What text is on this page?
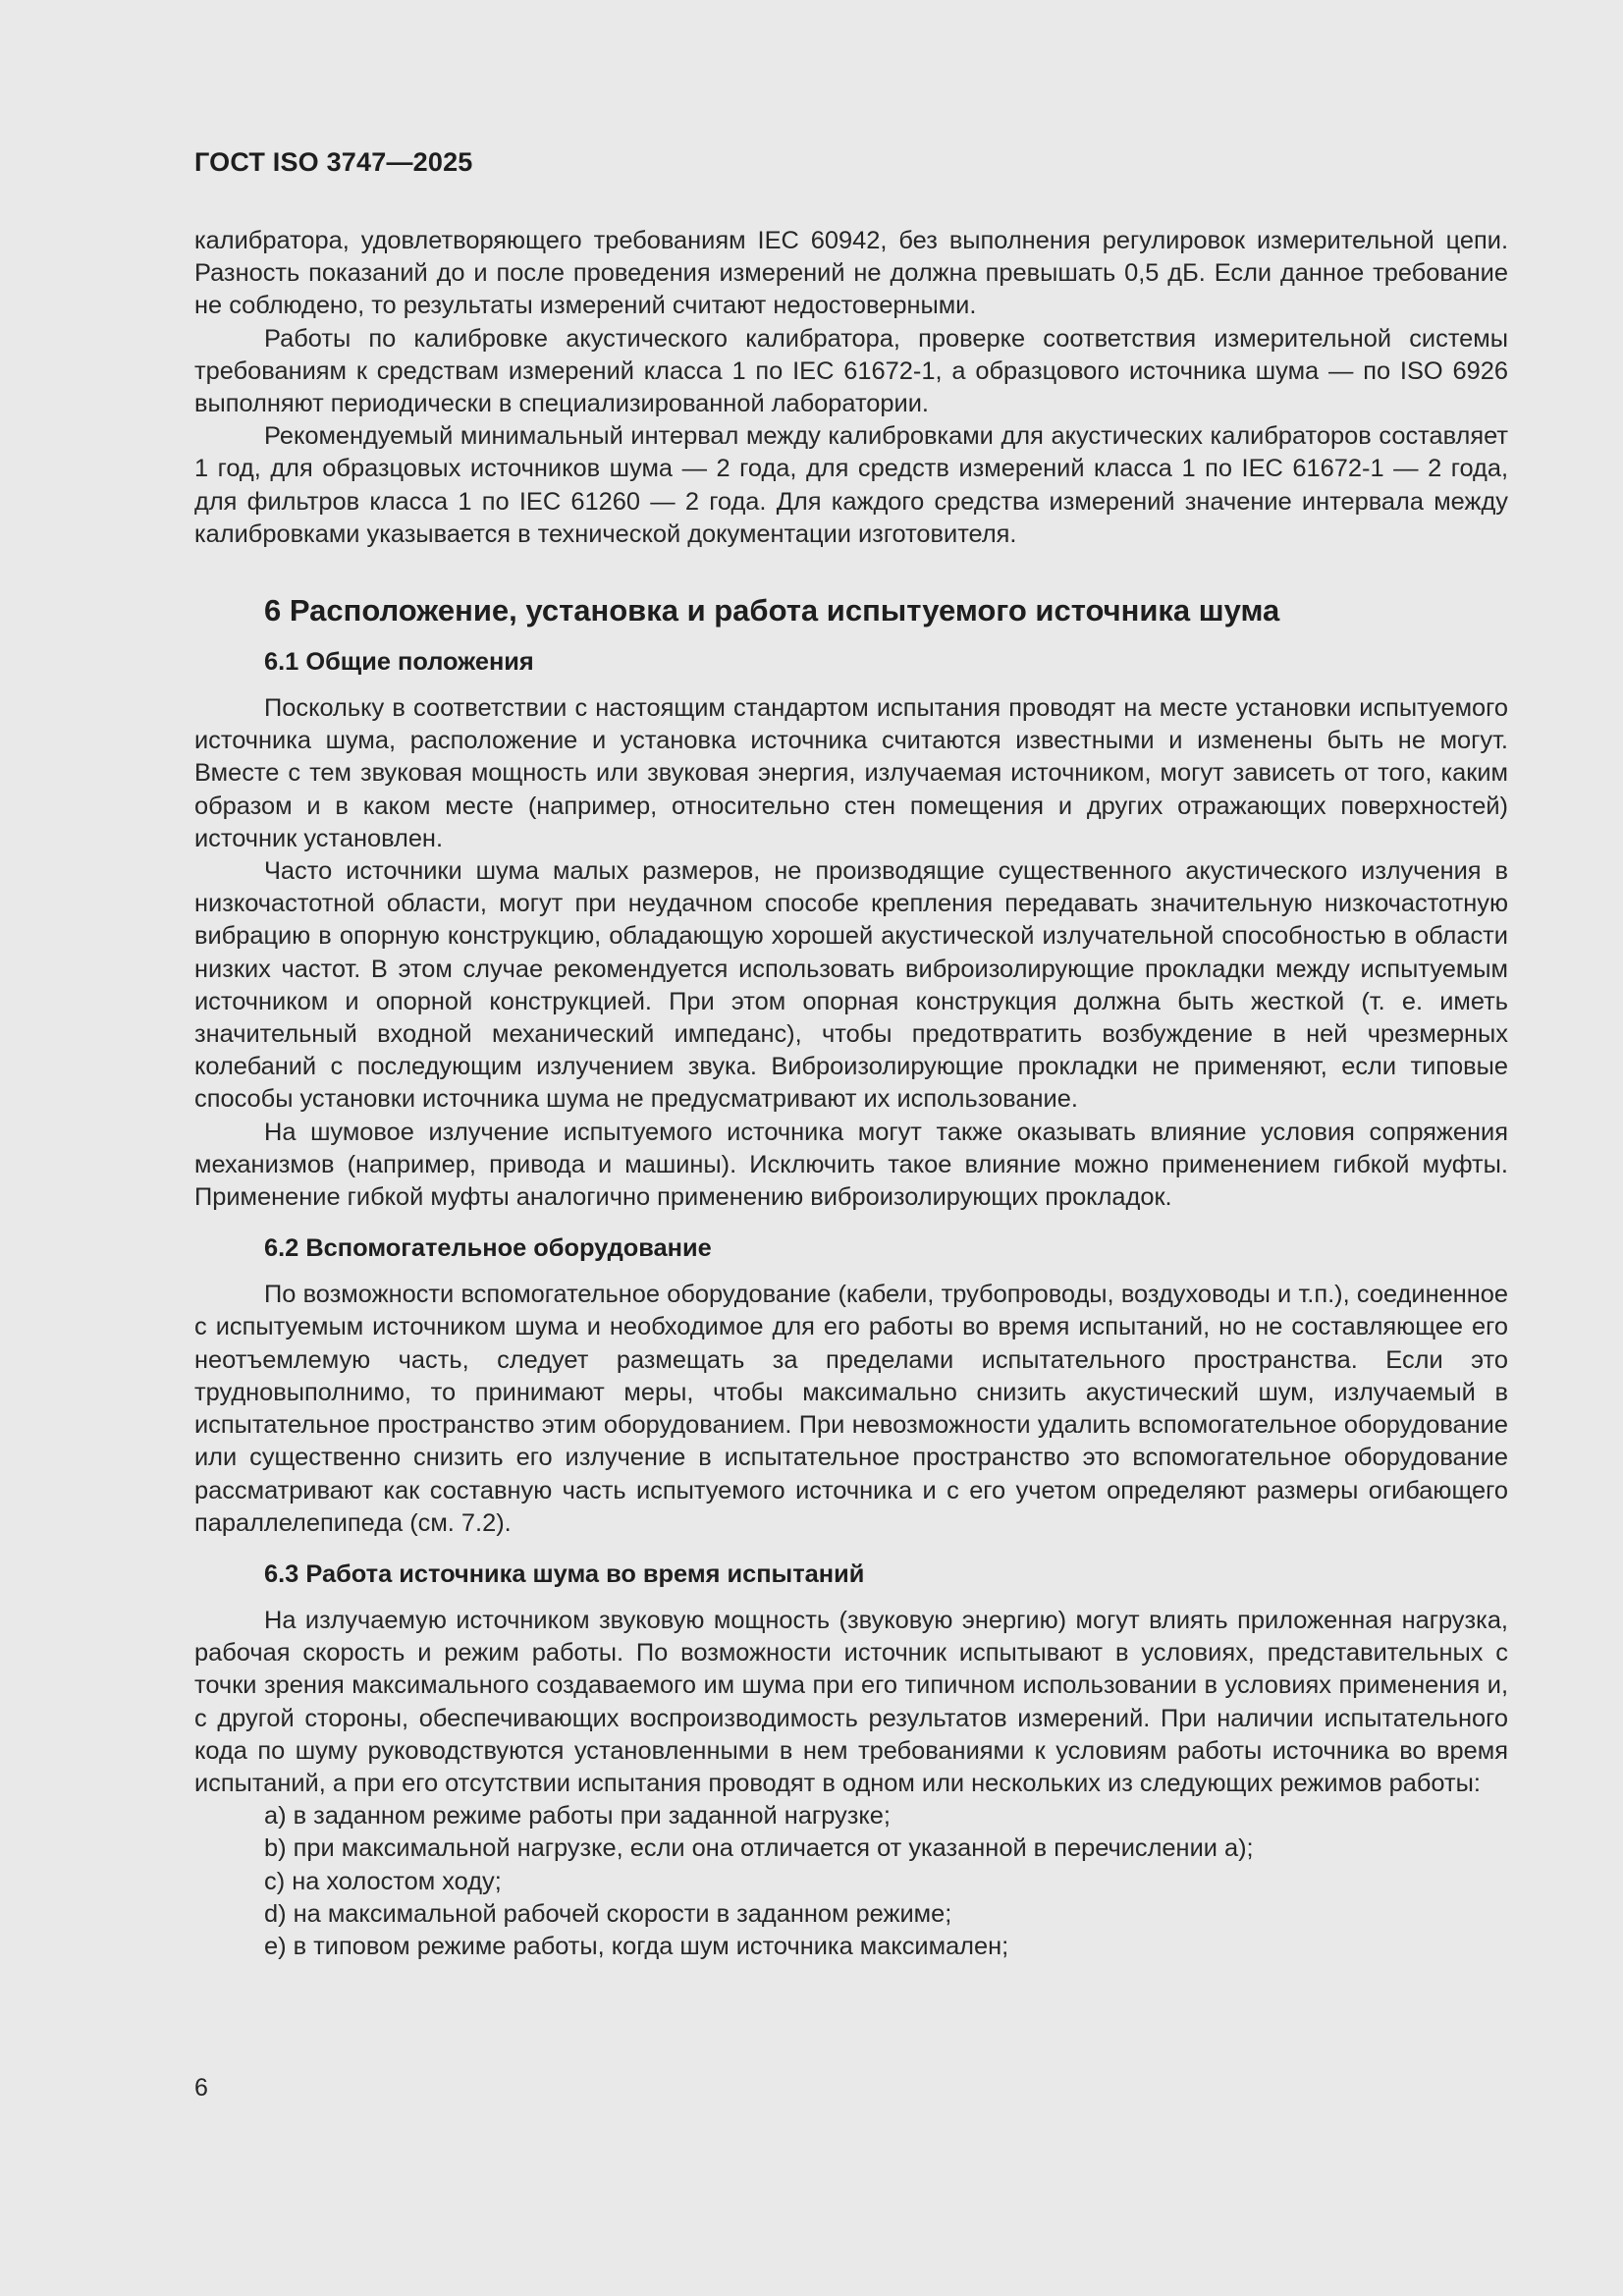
ГОСТ ISO 3747—2025

калибратора, удовлетворяющего требованиям IEC 60942, без выполнения регулировок измерительной цепи. Разность показаний до и после проведения измерений не должна превышать 0,5 дБ. Если данное требование не соблюдено, то результаты измерений считают недостоверными.

Работы по калибровке акустического калибратора, проверке соответствия измерительной системы требованиям к средствам измерений класса 1 по IEC 61672-1, а образцового источника шума — по ISO 6926 выполняют периодически в специализированной лаборатории.

Рекомендуемый минимальный интервал между калибровками для акустических калибраторов составляет 1 год, для образцовых источников шума — 2 года, для средств измерений класса 1 по IEC 61672-1 — 2 года, для фильтров класса 1 по IEC 61260 — 2 года. Для каждого средства измерений значение интервала между калибровками указывается в технической документации изготовителя.

6 Расположение, установка и работа испытуемого источника шума
6.1 Общие положения

Поскольку в соответствии с настоящим стандартом испытания проводят на месте установки испытуемого источника шума, расположение и установка источника считаются известными и изменены быть не могут. Вместе с тем звуковая мощность или звуковая энергия, излучаемая источником, могут зависеть от того, каким образом и в каком месте (например, относительно стен помещения и других отражающих поверхностей) источник установлен.

Часто источники шума малых размеров, не производящие существенного акустического излучения в низкочастотной области, могут при неудачном способе крепления передавать значительную низкочастотную вибрацию в опорную конструкцию, обладающую хорошей акустической излучательной способностью в области низких частот. В этом случае рекомендуется использовать виброизолирующие прокладки между испытуемым источником и опорной конструкцией. При этом опорная конструкция должна быть жесткой (т. е. иметь значительный входной механический импеданс), чтобы предотвратить возбуждение в ней чрезмерных колебаний с последующим излучением звука. Виброизолирующие прокладки не применяют, если типовые способы установки источника шума не предусматривают их использование.

На шумовое излучение испытуемого источника могут также оказывать влияние условия сопряжения механизмов (например, привода и машины). Исключить такое влияние можно применением гибкой муфты. Применение гибкой муфты аналогично применению виброизолирующих прокладок.

6.2 Вспомогательное оборудование

По возможности вспомогательное оборудование (кабели, трубопроводы, воздуховоды и т.п.), соединенное с испытуемым источником шума и необходимое для его работы во время испытаний, но не составляющее его неотъемлемую часть, следует размещать за пределами испытательного пространства. Если это трудновыполнимо, то принимают меры, чтобы максимально снизить акустический шум, излучаемый в испытательное пространство этим оборудованием. При невозможности удалить вспомогательное оборудование или существенно снизить его излучение в испытательное пространство это вспомогательное оборудование рассматривают как составную часть испытуемого источника и с его учетом определяют размеры огибающего параллелепипеда (см. 7.2).

6.3 Работа источника шума во время испытаний

На излучаемую источником звуковую мощность (звуковую энергию) могут влиять приложенная нагрузка, рабочая скорость и режим работы. По возможности источник испытывают в условиях, представительных с точки зрения максимального создаваемого им шума при его типичном использовании в условиях применения и, с другой стороны, обеспечивающих воспроизводимость результатов измерений. При наличии испытательного кода по шуму руководствуются установленными в нем требованиями к условиям работы источника во время испытаний, а при его отсутствии испытания проводят в одном или нескольких из следующих режимов работы:

a) в заданном режиме работы при заданной нагрузке;
b) при максимальной нагрузке, если она отличается от указанной в перечислении а);
c) на холостом ходу;
d) на максимальной рабочей скорости в заданном режиме;
e) в типовом режиме работы, когда шум источника максимален;
6
